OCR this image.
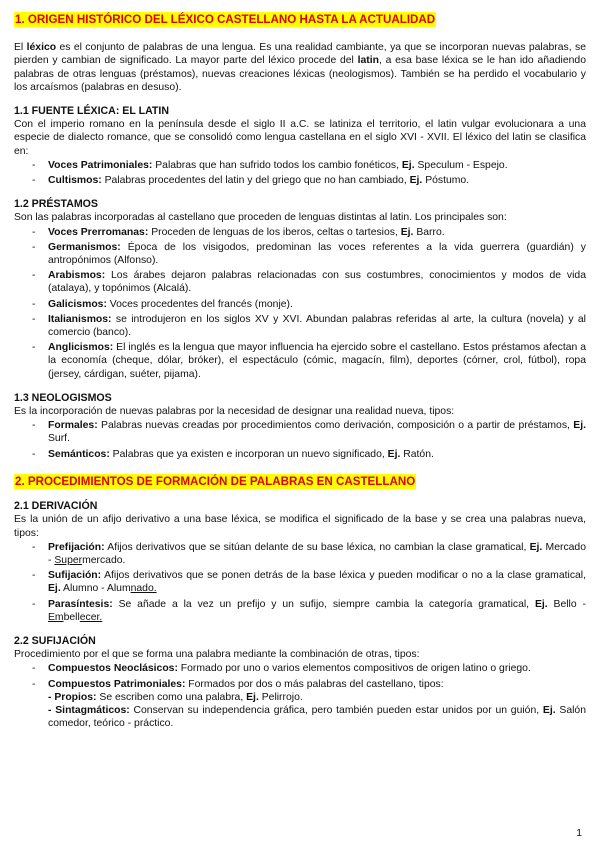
1. ORIGEN HISTÓRICO DEL LÉXICO CASTELLANO HASTA LA ACTUALIDAD

El léxico es el conjunto de palabras de una lengua. Es una realidad cambiante, ya que se incorporan nuevas palabras, se pierden y cambian de significado. La mayor parte del léxico procede del latin, a esa base léxica se le han ido añadiendo palabras de otras lenguas (préstamos), nuevas creaciones léxicas (neologismos). También se ha perdido el vocabulario y los arcaísmos (palabras en desuso).

1.1 FUENTE LÉXICA: EL LATIN

Con el imperio romano en la península desde el siglo II a.C. se latiniza el territorio, el latin vulgar evolucionara a una especie de dialecto romance, que se consolidó como lengua castellana en el siglo XVI - XVII. El léxico del latin se clasifica en:

- Voces Patrimoniales: Palabras que han sufrido todos los cambio fonéticos, Ej. Speculum - Espejo.
- Cultismos: Palabras procedentes del latin y del griego que no han cambiado, Ej. Póstumo.
1.2 PRÉSTAMOS

Son las palabras incorporadas al castellano que proceden de lenguas distintas al latin. Los principales son:

- Voces Prerromanas: Proceden de lenguas de los iberos, celtas o tartesios, Ej. Barro.
- Germanismos: Época de los visigodos, predominan las voces referentes a la vida guerrera (guardián) y antropónimos (Alfonso).
- Arabismos: Los árabes dejaron palabras relacionadas con sus costumbres, conocimientos y modos de vida (atalaya), y topónimos (Alcalá).
- Galicismos: Voces procedentes del francés (monje).
- Italianismos: se introdujeron en los siglos XV y XVI. Abundan palabras referidas al arte, la cultura (novela) y al comercio (banco).
- Anglicismos: El inglés es la lengua que mayor influencia ha ejercido sobre el castellano. Estos préstamos afectan a la economía (cheque, dólar, bróker), el espectáculo (cómic, magacín, film), deportes (córner, crol, fútbol), ropa (jersey, cárdigan, suéter, pijama).
1.3 NEOLOGISMOS

Es la incorporación de nuevas palabras por la necesidad de designar una realidad nueva, tipos:

- Formales: Palabras nuevas creadas por procedimientos como derivación, composición o a partir de préstamos, Ej. Surf.
- Semánticos: Palabras que ya existen e incorporan un nuevo significado, Ej. Ratón.
2. PROCEDIMIENTOS DE FORMACIÓN DE PALABRAS EN CASTELLANO
2.1 DERIVACIÓN

Es la unión de un afijo derivativo a una base léxica, se modifica el significado de la base y se crea una palabras nueva, tipos:

- Prefijación: Afijos derivativos que se sitúan delante de su base léxica, no cambian la clase gramatical, Ej. Mercado - Supermercado.
- Sufijación: Afijos derivativos que se ponen detrás de la base léxica y pueden modificar o no a la clase gramatical, Ej. Alumno - Alumnado.
- Parasíntesis: Se añade a la vez un prefijo y un sufijo, siempre cambia la categoría gramatical, Ej. Bello - Embellecer.
2.2 SUFIJACIÓN

Procedimiento por el que se forma una palabra mediante la combinación de otras, tipos:

- Compuestos Neoclásicos: Formado por uno o varios elementos compositivos de origen latino o griego.
- Compuestos Patrimoniales: Formados por dos o más palabras del castellano, tipos:
- Propios: Se escriben como una palabra, Ej. Pelirrojo.
- Sintagmáticos: Conservan su independencia gráfica, pero también pueden estar unidos por un guión, Ej. Salón comedor, teórico - práctico.
1
